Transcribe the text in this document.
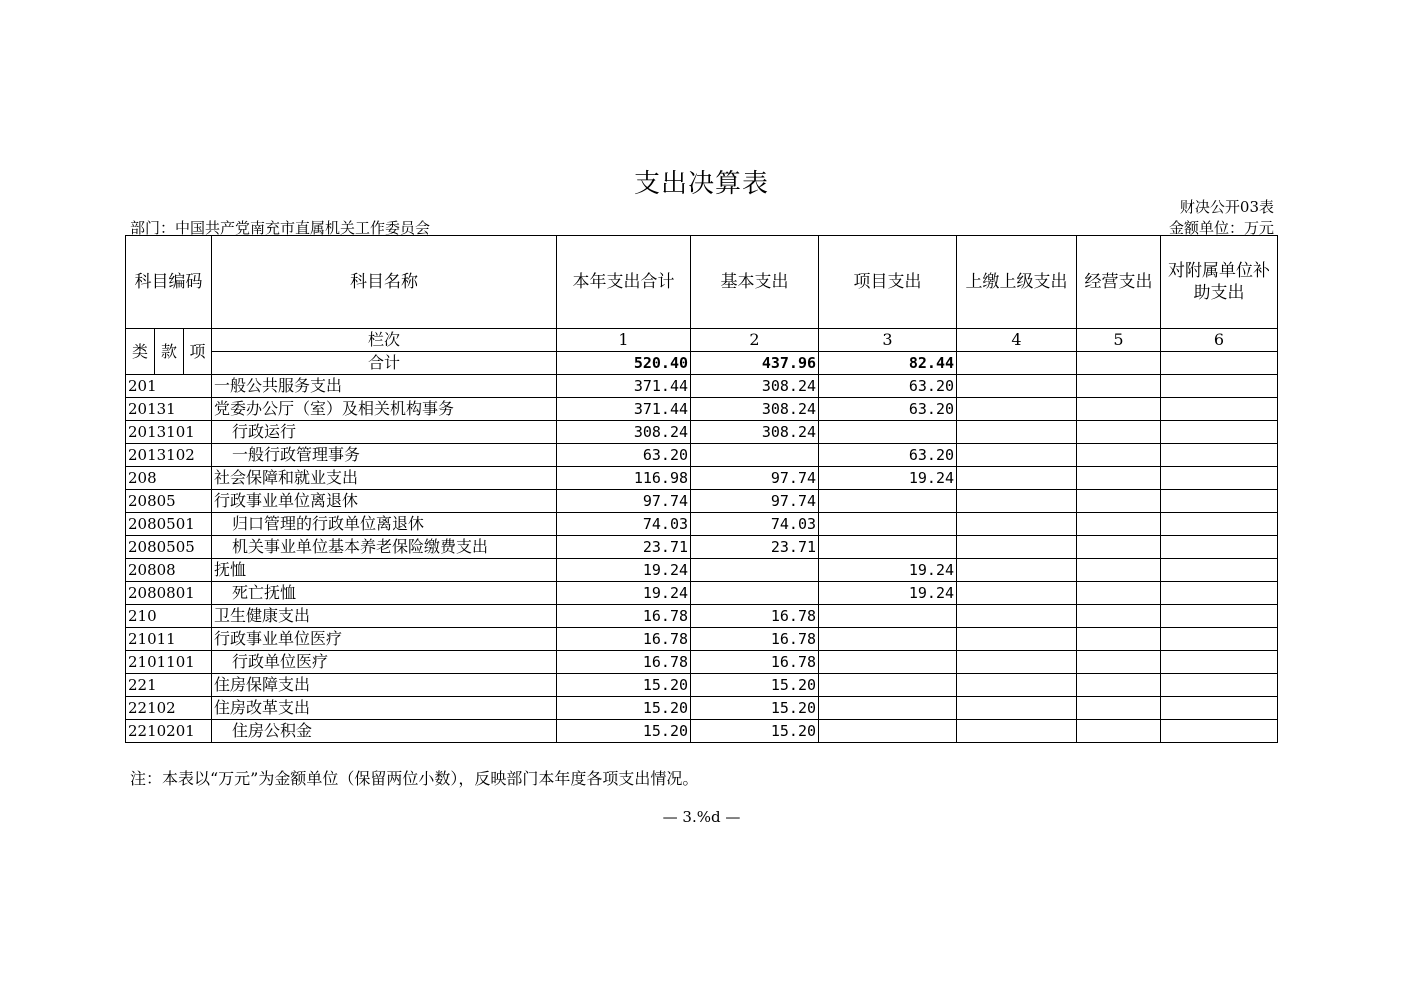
支出决算表
财决公开03表
部门：中国共产党南充市直属机关工作委员会	金额单位：万元
科目编码			科目名称	本年支出合计	基本支出	项目支出	上缴上级支出	经营支出	对附属单位补助支出
类	款	项	栏次	1	2	3	4	5	6
			合计	520.40	437.96	82.44			
201			一般公共服务支出	371.44	308.24	63.20			
20131			党委办公厅（室）及相关机构事务	371.44	308.24	63.20			
2013101			行政运行	308.24	308.24				
2013102			一般行政管理事务	63.20		63.20			
208			社会保障和就业支出	116.98	97.74	19.24			
20805			行政事业单位离退休	97.74	97.74				
2080501			归口管理的行政单位离退休	74.03	74.03				
2080505			机关事业单位基本养老保险缴费支出	23.71	23.71				
20808			抚恤	19.24		19.24			
2080801			死亡抚恤	19.24		19.24			
210			卫生健康支出	16.78	16.78				
21011			行政事业单位医疗	16.78	16.78				
2101101			行政单位医疗	16.78	16.78				
221			住房保障支出	15.20	15.20				
22102			住房改革支出	15.20	15.20				
2210201			住房公积金	15.20	15.20				
注：本表以“万元”为金额单位（保留两位小数），反映部门本年度各项支出情况。
— 3.%d —
